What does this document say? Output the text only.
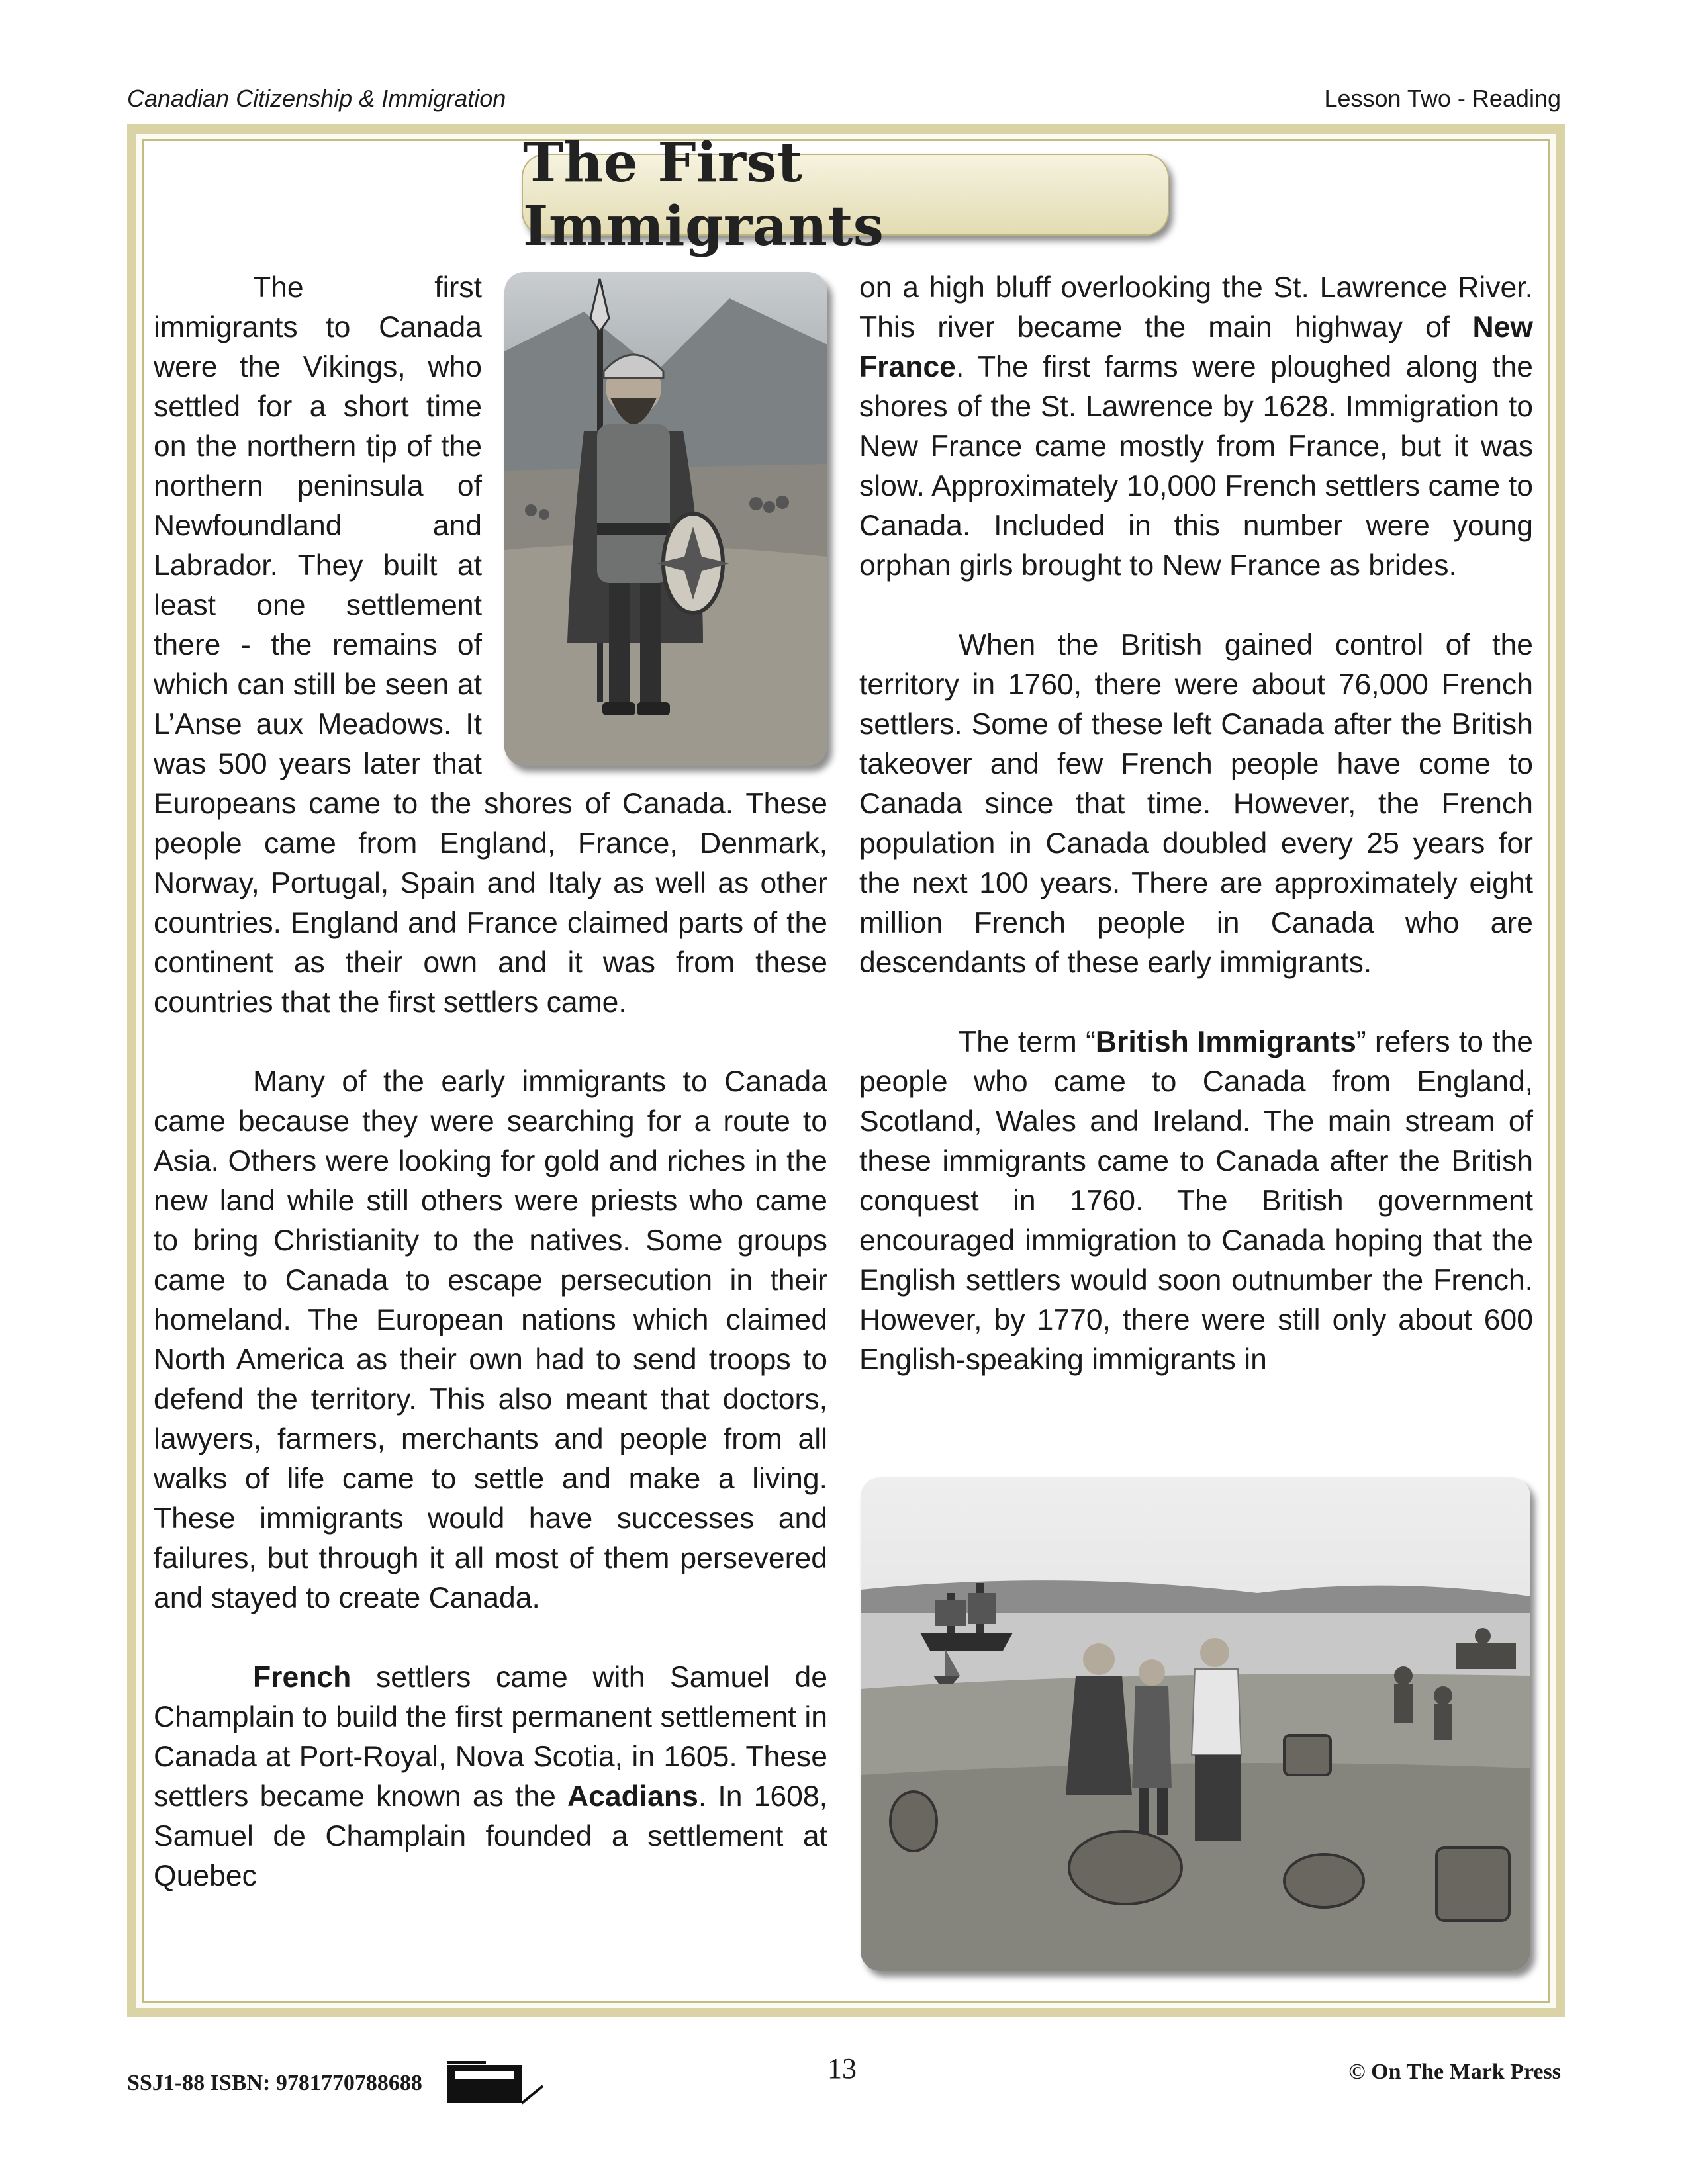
Canadian Citizenship & Immigration	Lesson Two - Reading
The First Immigrants

The first immigrants to Canada were the Vikings, who settled for a short time on the northern tip of the northern peninsula of Newfoundland and Labrador. They built at least one settlement there - the remains of which can still be seen at L’Anse aux Meadows. It was 500 years later that Europeans came to the shores of Canada. These people came from England, France, Denmark, Norway, Portugal, Spain and Italy as well as other countries. England and France claimed parts of the continent as their own and it was from these countries that the first settlers came.

Many of the early immigrants to Canada came because they were searching for a route to Asia. Others were looking for gold and riches in the new land while still others were priests who came to bring Christianity to the natives. Some groups came to Canada to escape persecution in their homeland. The European nations which claimed North America as their own had to send troops to defend the territory. This also meant that doctors, lawyers, farmers, merchants and people from all walks of life came to settle and make a living. These immigrants would have successes and failures, but through it all most of them persevered and stayed to create Canada.

French settlers came with Samuel de Champlain to build the first permanent settlement in Canada at Port-Royal, Nova Scotia, in 1605. These settlers became known as the Acadians. In 1608, Samuel de Champlain founded a settlement at Quebec

on a high bluff overlooking the St. Lawrence River. This river became the main highway of New France. The first farms were ploughed along the shores of the St. Lawrence by 1628. Immigration to New France came mostly from France, but it was slow. Approximately 10,000 French settlers came to Canada. Included in this number were young orphan girls brought to New France as brides.

When the British gained control of the territory in 1760, there were about 76,000 French settlers. Some of these left Canada after the British takeover and few French people have come to Canada since that time. However, the French population in Canada doubled every 25 years for the next 100 years. There are approximately eight million French people in Canada who are descendants of these early immigrants.

The term “British Immigrants” refers to the people who came to Canada from England, Scotland, Wales and Ireland. The main stream of these immigrants came to Canada after the British conquest in 1760. The British government encouraged immigration to Canada hoping that the English settlers would soon outnumber the French. However, by 1770, there were still only about 600 English-speaking immigrants in

SSJ1-88 ISBN: 9781770788688	13	© On The Mark Press
